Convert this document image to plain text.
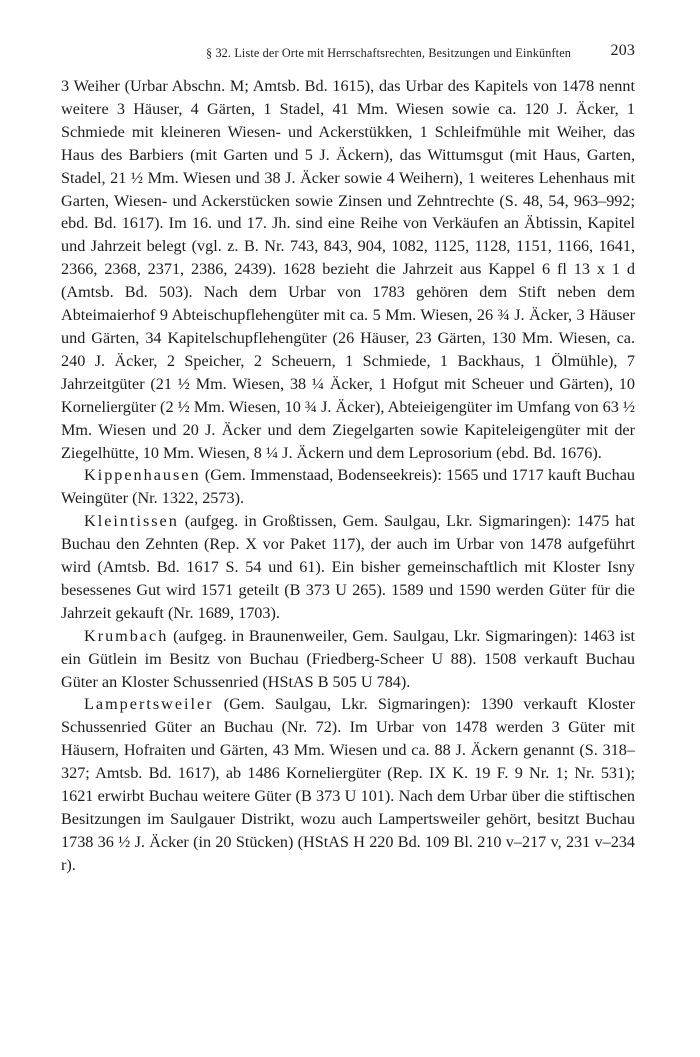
§ 32. Liste der Orte mit Herrschaftsrechten, Besitzungen und Einkünften 203

3 Weiher (Urbar Abschn. M; Amtsb. Bd. 1615), das Urbar des Kapitels von 1478 nennt weitere 3 Häuser, 4 Gärten, 1 Stadel, 41 Mm. Wiesen sowie ca. 120 J. Äcker, 1 Schmiede mit kleineren Wiesen- und Ackerstükken, 1 Schleifmühle mit Weiher, das Haus des Barbiers (mit Garten und 5 J. Äckern), das Wittumsgut (mit Haus, Garten, Stadel, 21 ½ Mm. Wiesen und 38 J. Äcker sowie 4 Weihern), 1 weiteres Lehenhaus mit Garten, Wiesen- und Ackerstücken sowie Zinsen und Zehntrechte (S. 48, 54, 963–992; ebd. Bd. 1617). Im 16. und 17. Jh. sind eine Reihe von Verkäufen an Äbtissin, Kapitel und Jahrzeit belegt (vgl. z. B. Nr. 743, 843, 904, 1082, 1125, 1128, 1151, 1166, 1641, 2366, 2368, 2371, 2386, 2439). 1628 bezieht die Jahrzeit aus Kappel 6 fl 13 x 1 d (Amtsb. Bd. 503). Nach dem Urbar von 1783 gehören dem Stift neben dem Abteimaierhof 9 Abteischupflehengüter mit ca. 5 Mm. Wiesen, 26 ¾ J. Äcker, 3 Häuser und Gärten, 34 Kapitelschupflehengüter (26 Häuser, 23 Gärten, 130 Mm. Wiesen, ca. 240 J. Äcker, 2 Speicher, 2 Scheuern, 1 Schmiede, 1 Backhaus, 1 Ölmühle), 7 Jahrzeitgüter (21 ½ Mm. Wiesen, 38 ¼ Äcker, 1 Hofgut mit Scheuer und Gärten), 10 Korneliergüter (2 ½ Mm. Wiesen, 10 ¾ J. Äcker), Abteieigengüter im Umfang von 63 ½ Mm. Wiesen und 20 J. Äcker und dem Ziegelgarten sowie Kapiteleigengüter mit der Ziegelhütte, 10 Mm. Wiesen, 8 ¼ J. Äckern und dem Leprosorium (ebd. Bd. 1676).

Kippenhausen (Gem. Immenstaad, Bodenseekreis): 1565 und 1717 kauft Buchau Weingüter (Nr. 1322, 2573).

Kleintissen (aufgeg. in Großtissen, Gem. Saulgau, Lkr. Sigmaringen): 1475 hat Buchau den Zehnten (Rep. X vor Paket 117), der auch im Urbar von 1478 aufgeführt wird (Amtsb. Bd. 1617 S. 54 und 61). Ein bisher gemeinschaftlich mit Kloster Isny besessenes Gut wird 1571 geteilt (B 373 U 265). 1589 und 1590 werden Güter für die Jahrzeit gekauft (Nr. 1689, 1703).

Krumbach (aufgeg. in Braunenweiler, Gem. Saulgau, Lkr. Sigmaringen): 1463 ist ein Gütlein im Besitz von Buchau (Friedberg-Scheer U 88). 1508 verkauft Buchau Güter an Kloster Schussenried (HStAS B 505 U 784).

Lampertsweiler (Gem. Saulgau, Lkr. Sigmaringen): 1390 verkauft Kloster Schussenried Güter an Buchau (Nr. 72). Im Urbar von 1478 werden 3 Güter mit Häusern, Hofraiten und Gärten, 43 Mm. Wiesen und ca. 88 J. Äckern genannt (S. 318–327; Amtsb. Bd. 1617), ab 1486 Korneliergüter (Rep. IX K. 19 F. 9 Nr. 1; Nr. 531); 1621 erwirbt Buchau weitere Güter (B 373 U 101). Nach dem Urbar über die stiftischen Besitzungen im Saulgauer Distrikt, wozu auch Lampertsweiler gehört, besitzt Buchau 1738 36 ½ J. Äcker (in 20 Stücken) (HStAS H 220 Bd. 109 Bl. 210 v–217 v, 231 v–234 r).
